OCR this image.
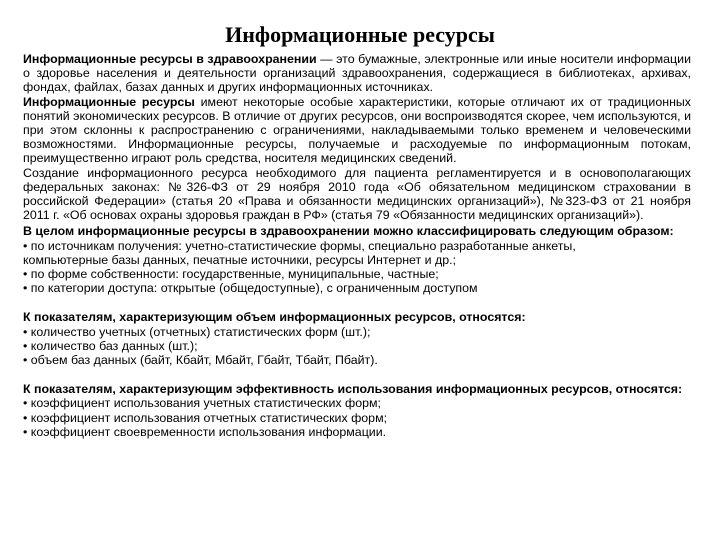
Информационные ресурсы

Информационные ресурсы в здравоохранении — это бумажные, электронные или иные носители информации о здоровье населения и деятельности организаций здравоохранения, содержащиеся в библиотеках, архивах, фондах, файлах, базах данных и других информационных источниках.

Информационные ресурсы имеют некоторые особые характеристики, которые отличают их от традиционных понятий экономических ресурсов. В отличие от других ресурсов, они воспроизводятся скорее, чем используются, и при этом склонны к распространению с ограничениями, накладываемыми только временем и человеческими возможностями. Информационные ресурсы, получаемые и расходуемые по информационным потокам, преимущественно играют роль средства, носителя медицинских сведений.

Создание информационного ресурса необходимого для пациента регламентируется и в основополагающих федеральных законах: №326-ФЗ от 29 ноября 2010 года «Об обязательном медицинском страховании в российской Федерации» (статья 20 «Права и обязанности медицинских организаций»), №323-ФЗ от 21 ноября 2011 г. «Об основах охраны здоровья граждан в РФ» (статья 79 «Обязанности медицинских организаций»).

В целом информационные ресурсы в здравоохранении можно классифицировать следующим образом:

• по источникам получения: учетно-статистические формы, специально разработанные анкеты,
компьютерные базы данных, печатные источники, ресурсы Интернет и др.;
• по форме собственности: государственные, муниципальные, частные;
• по категории доступа: открытые (общедоступные), с ограниченным доступом

К показателям, характеризующим объем информационных ресурсов, относятся:

• количество учетных (отчетных) статистических форм (шт.);
• количество баз данных (шт.);
• объем баз данных (байт, Кбайт, Мбайт, Гбайт, Тбайт, Пбайт).

К показателям, характеризующим эффективность использования информационных ресурсов, относятся:

• коэффициент использования учетных статистических форм;
• коэффициент использования отчетных статистических форм;
• коэффициент своевременности использования информации.
